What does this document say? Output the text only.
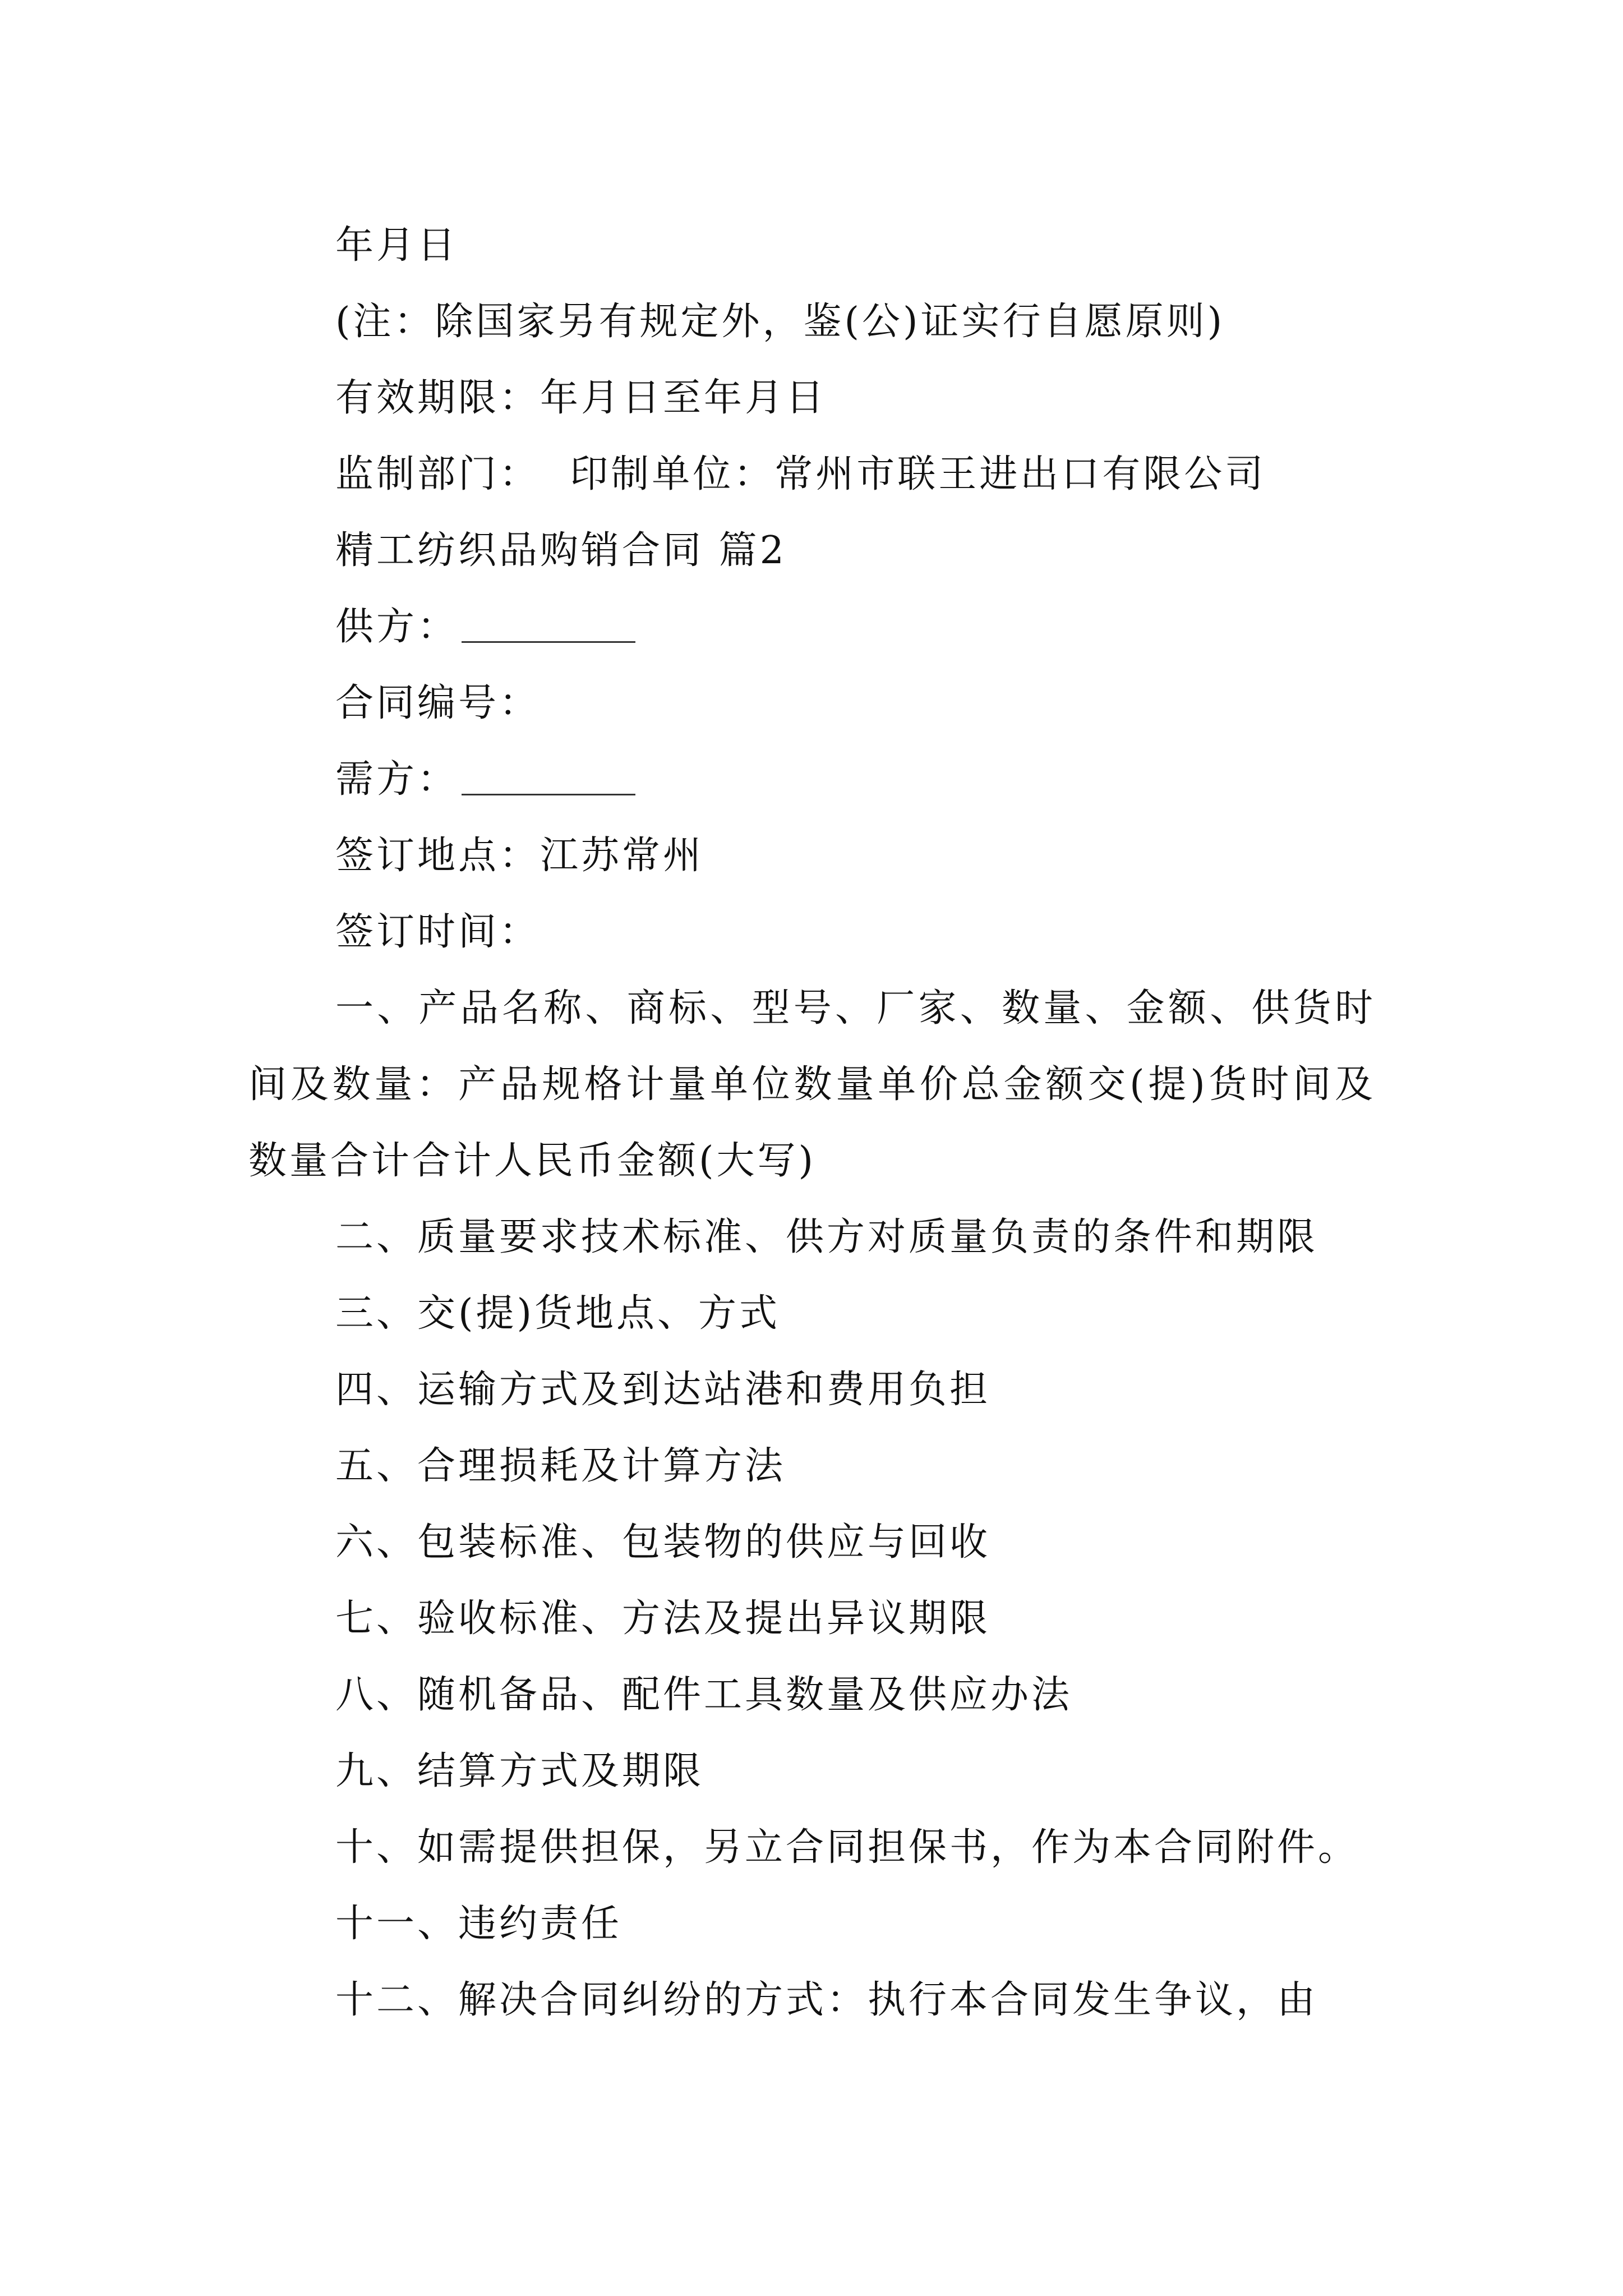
年月日

(注：除国家另有规定外，鉴(公)证实行自愿原则)

有效期限：年月日至年月日

监制部门：  印制单位：常州市联王进出口有限公司

精工纺织品购销合同 篇2

供方：

合同编号：

需方：

签订地点：江苏常州

签订时间：

一、产品名称、商标、型号、厂家、数量、金额、供货时间及数量：产品规格计量单位数量单价总金额交(提)货时间及数量合计合计人民币金额(大写)

二、质量要求技术标准、供方对质量负责的条件和期限

三、交(提)货地点、方式

四、运输方式及到达站港和费用负担

五、合理损耗及计算方法

六、包装标准、包装物的供应与回收

七、验收标准、方法及提出异议期限

八、随机备品、配件工具数量及供应办法

九、结算方式及期限

十、如需提供担保，另立合同担保书，作为本合同附件。

十一、违约责任

十二、解决合同纠纷的方式：执行本合同发生争议，由
